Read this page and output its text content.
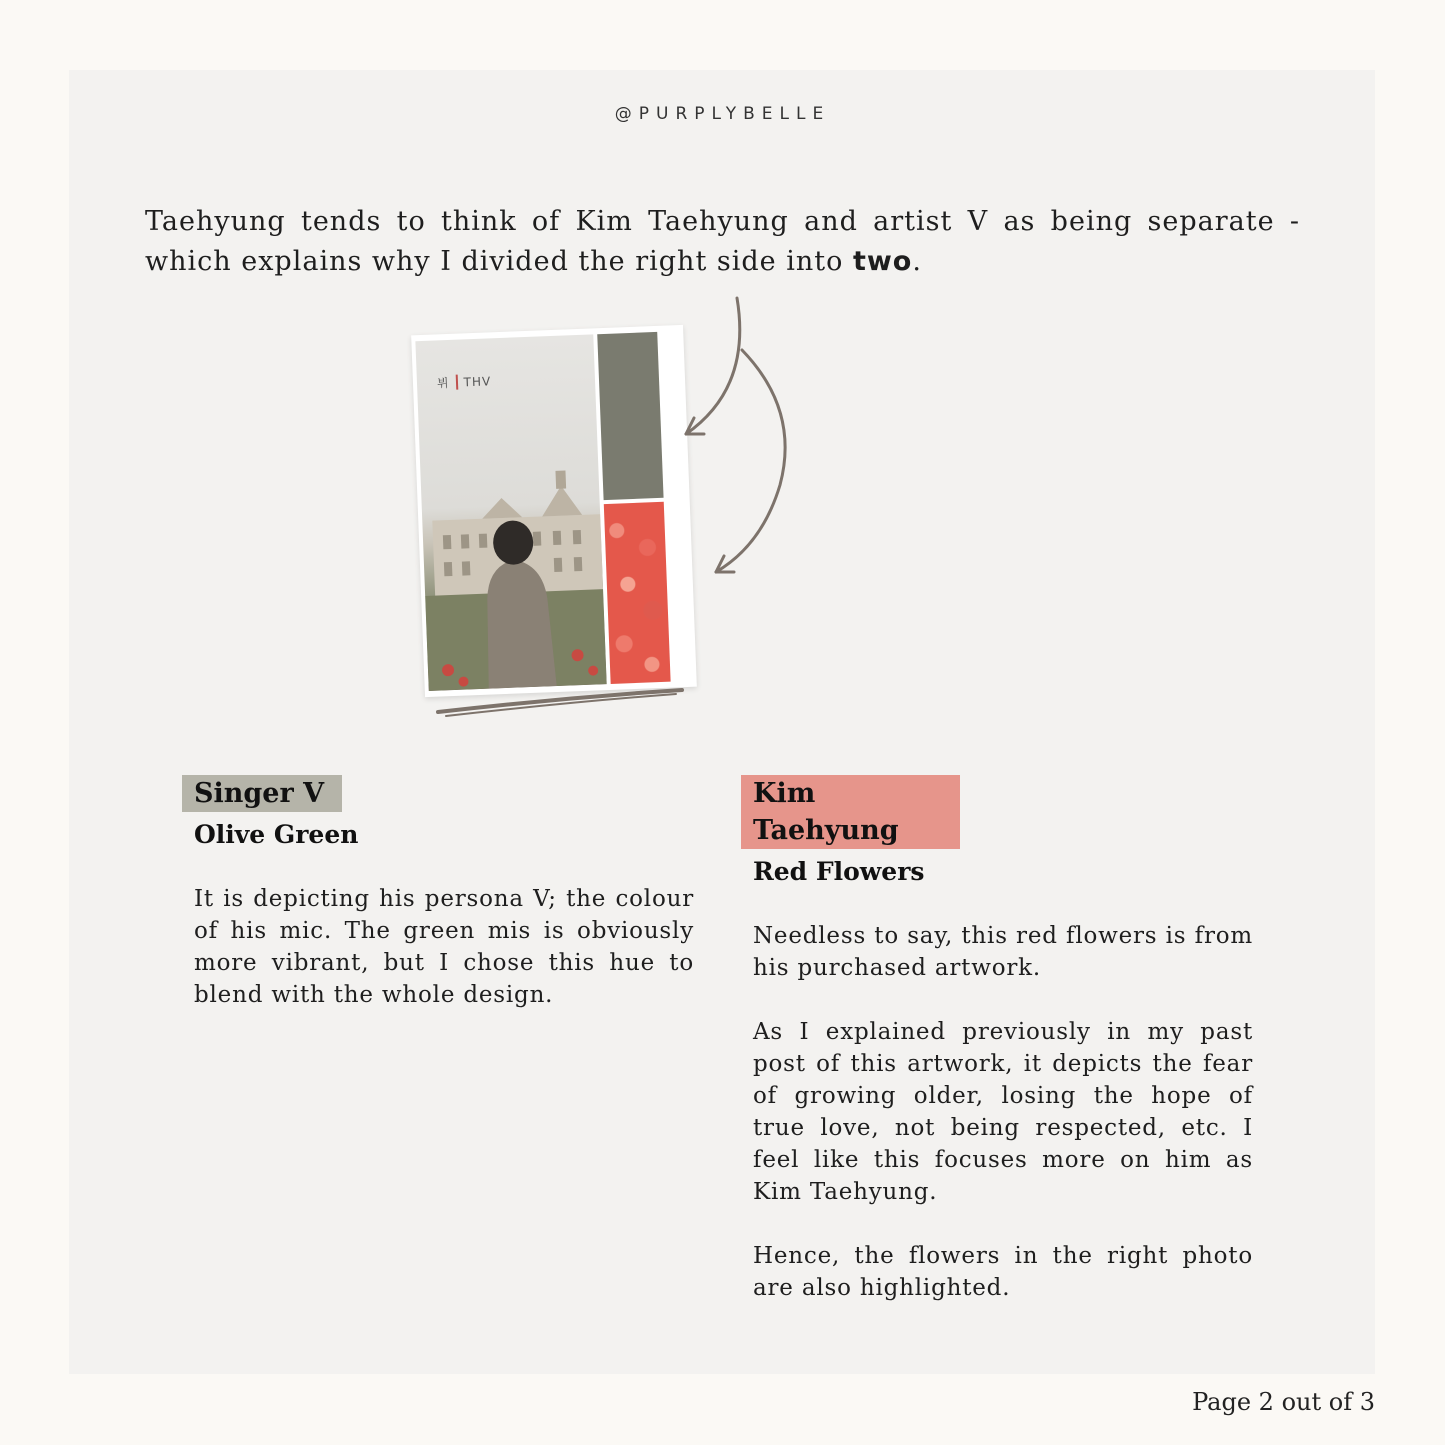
@PURPLYBELLE

Taehyung tends to think of Kim Taehyung and artist V as being separate - which explains why I divided the right side into two.

뷔 THV
Singer V
Olive Green

It is depicting his persona V; the colour of his mic. The green mis is obviously more vibrant, but I chose this hue to blend with the whole design.

Kim Taehyung
Red Flowers

Needless to say, this red flowers is from his purchased artwork.

As I explained previously in my past post of this artwork, it depicts the fear of growing older, losing the hope of true love, not being respected, etc. I feel like this focuses more on him as Kim Taehyung.

Hence, the flowers in the right photo are also highlighted.

Page 2 out of 3
